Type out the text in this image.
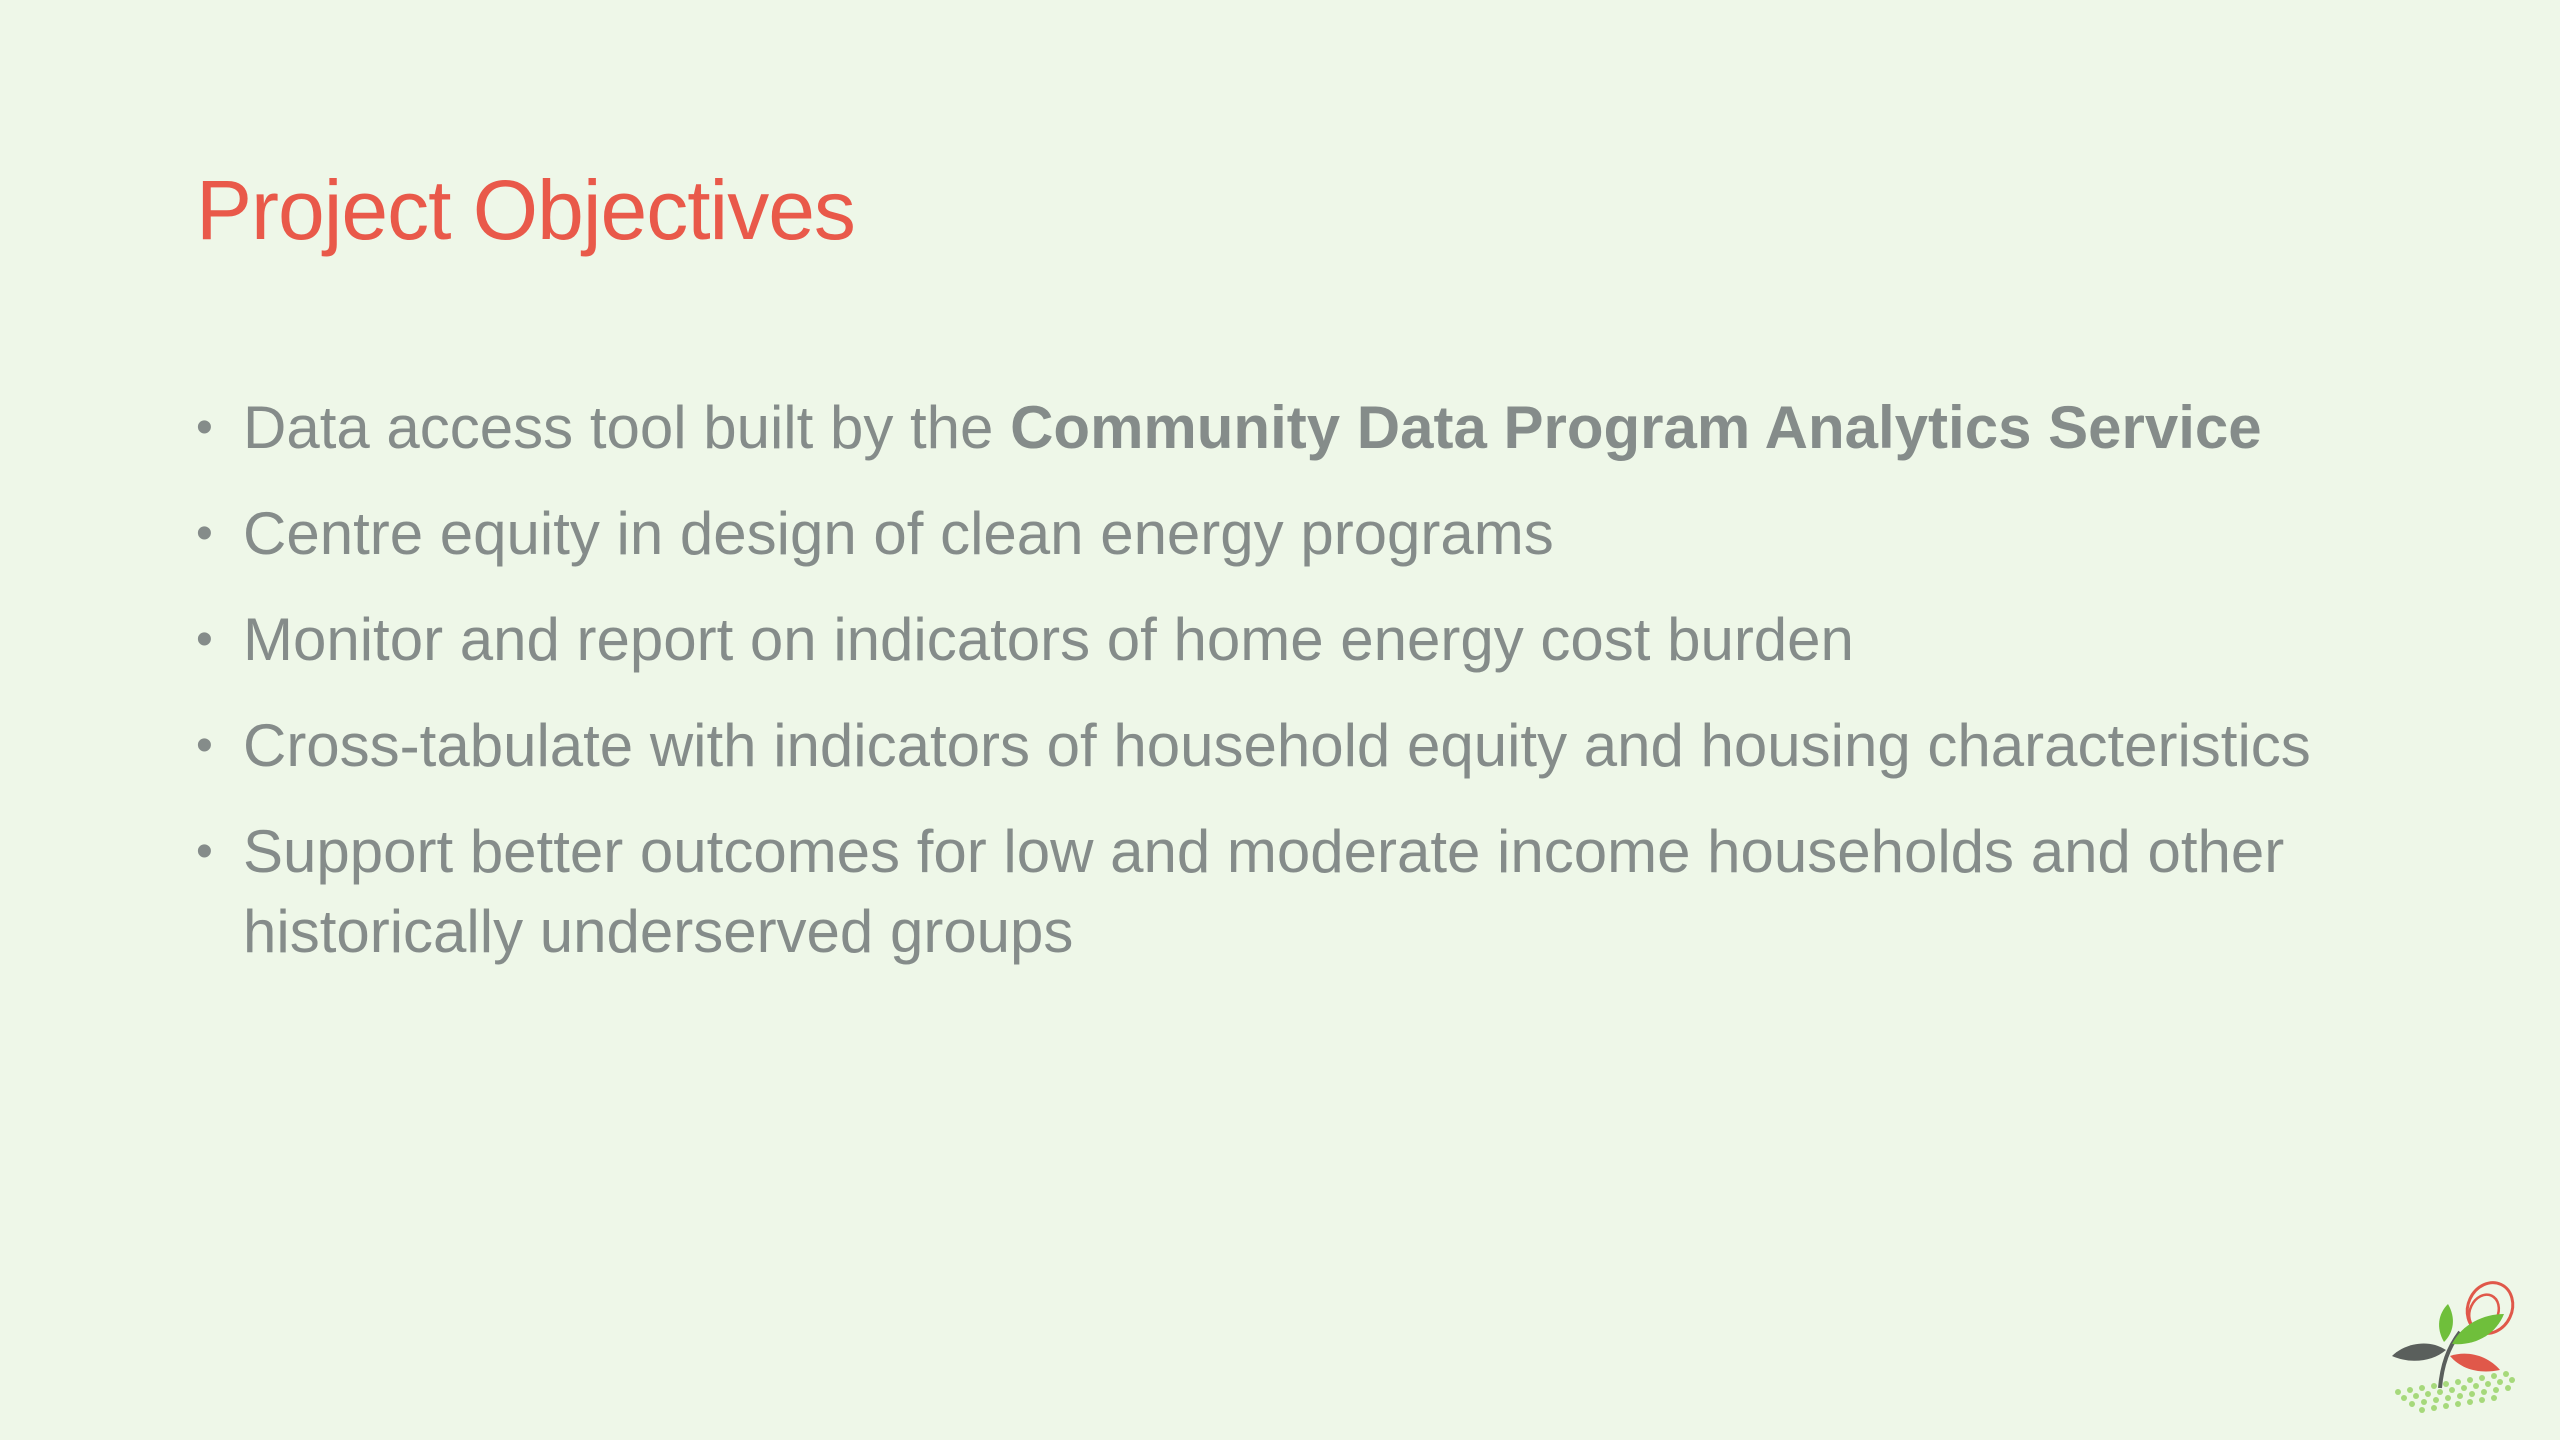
Project Objectives
• Data access tool built by the Community Data Program Analytics Service
• Centre equity in design of clean energy programs
• Monitor and report on indicators of home energy cost burden
• Cross-tabulate with indicators of household equity and housing characteristics
• Support better outcomes for low and moderate income households and other historically underserved groups
